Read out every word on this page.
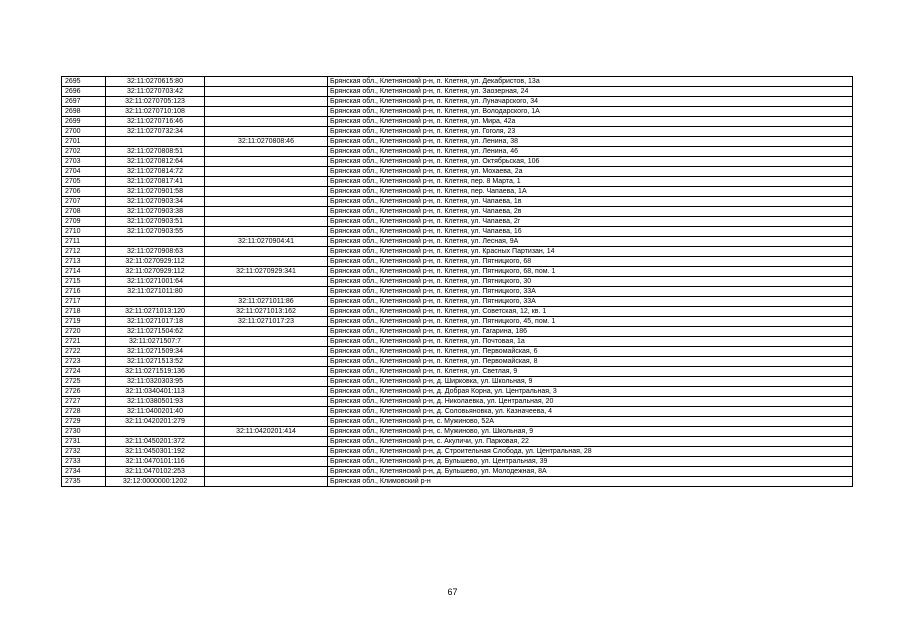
2695	32:11:0270615:80		Брянская обл., Клетнянский р-н, п. Клетня, ул. Декабристов, 13а
2696	32:11:0270703:42		Брянская обл., Клетнянский р-н, п. Клетня, ул. Заозерная, 24
2697	32:11:0270705:123		Брянская обл., Клетнянский р-н, п. Клетня, ул. Луначарского, 34
2698	32:11:0270710:108		Брянская обл., Клетнянский р-н, п. Клетня, ул. Володарского, 1А
2699	32:11:0270716:46		Брянская обл., Клетнянский р-н, п. Клетня, ул. Мира, 42а
2700	32:11:0270732:34		Брянская обл., Клетнянский р-н, п. Клетня, ул. Гоголя, 23
2701		32:11:0270808:46	Брянская обл., Клетнянский р-н, п. Клетня, ул. Ленина, 38
2702	32:11:0270808:51		Брянская обл., Клетнянский р-н, п. Клетня, ул. Ленина, 46
2703	32:11:0270812:64		Брянская обл., Клетнянский р-н, п. Клетня, ул. Октябрьская, 106
2704	32:11:0270814:72		Брянская обл., Клетнянский р-н, п. Клетня, ул. Мохаева, 2а
2705	32:11:0270817:41		Брянская обл., Клетнянский р-н, п. Клетня, пер. 8 Марта, 1
2706	32:11:0270901:58		Брянская обл., Клетнянский р-н, п. Клетня, пер. Чапаева, 1А
2707	32:11:0270903:34		Брянская обл., Клетнянский р-н, п. Клетня, ул. Чапаева, 1в
2708	32:11:0270903:38		Брянская обл., Клетнянский р-н, п. Клетня, ул. Чапаева, 2в
2709	32:11:0270903:51		Брянская обл., Клетнянский р-н, п. Клетня, ул. Чапаева, 2г
2710	32:11:0270903:55		Брянская обл., Клетнянский р-н, п. Клетня, ул. Чапаева, 16
2711		32:11:0270904:41	Брянская обл., Клетнянский р-н, п. Клетня, ул. Лесная, 9А
2712	32:11:0270908:63		Брянская обл., Клетнянский р-н, п. Клетня, ул. Красных Партизан, 14
2713	32:11:0270929:112		Брянская обл., Клетнянский р-н, п. Клетня, ул. Пятницкого, 68
2714	32:11:0270929:112	32:11:0270929:341	Брянская обл., Клетнянский р-н, п. Клетня, ул. Пятницкого, 68, пом. 1
2715	32:11:0271001:64		Брянская обл., Клетнянский р-н, п. Клетня, ул. Пятницкого, 30
2716	32:11:0271011:80		Брянская обл., Клетнянский р-н, п. Клетня, ул. Пятницкого, 33А
2717		32:11:0271011:86	Брянская обл., Клетнянский р-н, п. Клетня, ул. Пятницкого, 33А
2718	32:11:0271013:120	32:11:0271013:162	Брянская обл., Клетнянский р-н, п. Клетня, ул. Советская, 12, кв. 1
2719	32:11:0271017:18	32:11:0271017:23	Брянская обл., Клетнянский р-н, п. Клетня, ул. Пятницкого, 45, пом. 1
2720	32:11:0271504:62		Брянская обл., Клетнянский р-н, п. Клетня, ул. Гагарина, 186
2721	32:11:0271507:7		Брянская обл., Клетнянский р-н, п. Клетня, ул. Почтовая, 1а
2722	32:11:0271509:34		Брянская обл., Клетнянский р-н, п. Клетня, ул. Первомайская, 6
2723	32:11:0271513:52		Брянская обл., Клетнянский р-н, п. Клетня, ул. Первомайская, 8
2724	32:11:0271519:136		Брянская обл., Клетнянский р-н, п. Клетня, ул. Светлая, 9
2725	32:11:0320303:95		Брянская обл., Клетнянский р-н, д. Ширковка, ул. Школьная, 9
2726	32:11:0340401:113		Брянская обл., Клетнянский р-н, д. Добрая Корна, ул. Центральная, 3
2727	32:11:0380501:93		Брянская обл., Клетнянский р-н, д. Николаевка, ул. Центральная, 20
2728	32:11:0400201:40		Брянская обл., Клетнянский р-н, д. Соловьяновка, ул. Казначеева, 4
2729	32:11:0420201:279		Брянская обл., Клетнянский р-н, с. Мужиново, 52А
2730		32:11:0420201:414	Брянская обл., Клетнянский р-н, с. Мужиново, ул. Школьная, 9
2731	32:11:0450201:372		Брянская обл., Клетнянский р-н, с. Акуличи, ул. Парковая, 22
2732	32:11:0450301:192		Брянская обл., Клетнянский р-н, д. Строительная Слобода, ул. Центральная, 28
2733	32:11:0470101:116		Брянская обл., Клетнянский р-н, д. Бульшево, ул. Центральная, 39
2734	32:11:0470102:253		Брянская обл., Клетнянский р-н, д. Бульшево, ул. Молодежная, 8А
2735	32:12:0000000:1202		Брянская обл., Климовский р-н
67
